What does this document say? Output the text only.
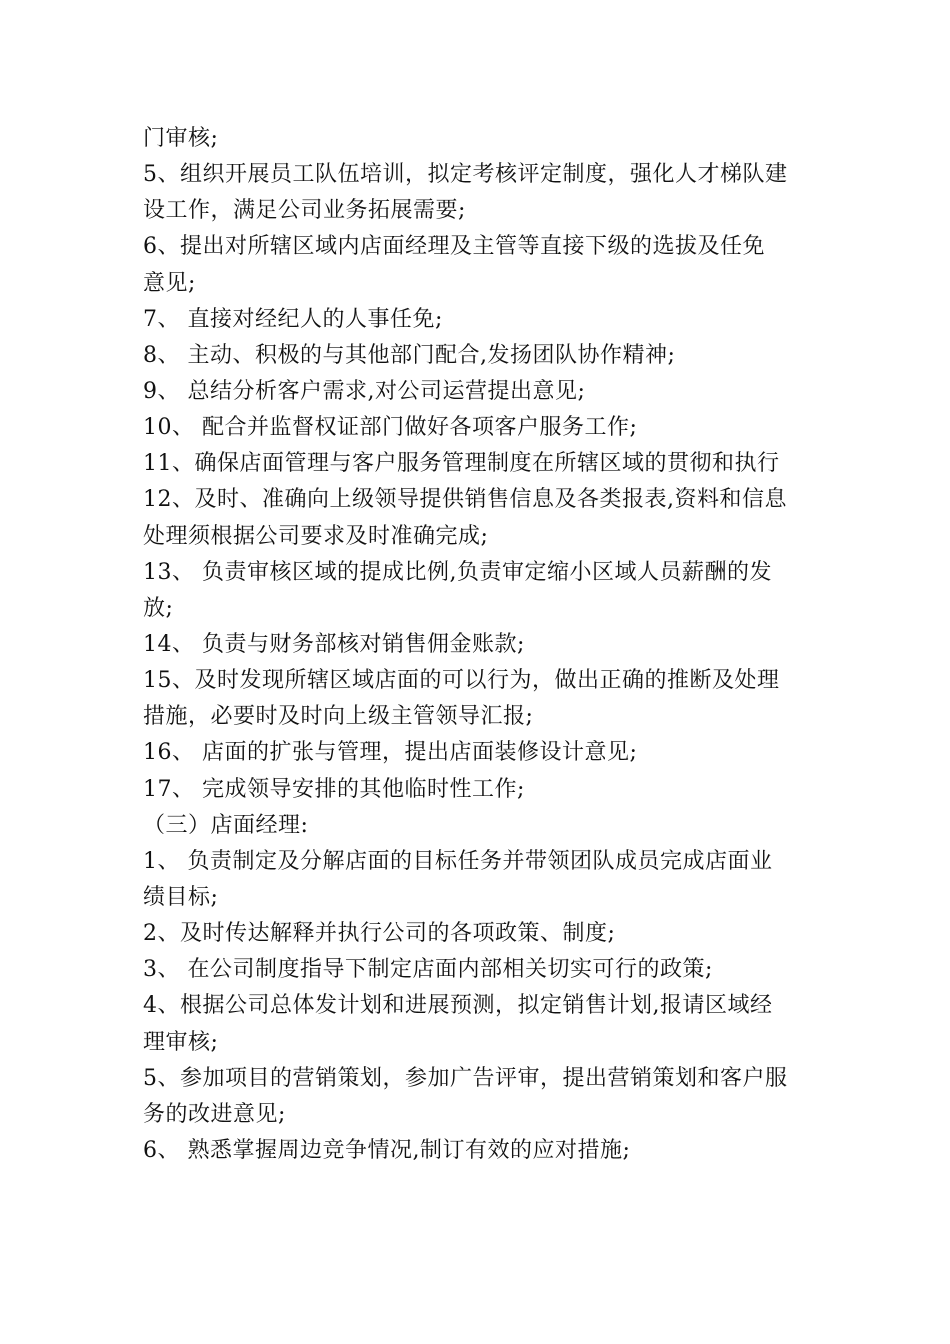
门审核;
5、组织开展员工队伍培训，拟定考核评定制度，强化人才梯队建
设工作，满足公司业务拓展需要;
6、提出对所辖区域内店面经理及主管等直接下级的选拔及任免
意见;
7、 直接对经纪人的人事任免;
8、 主动、积极的与其他部门配合,发扬团队协作精神;
9、 总结分析客户需求,对公司运营提出意见;
10、 配合并监督权证部门做好各项客户服务工作;
11、确保店面管理与客户服务管理制度在所辖区域的贯彻和执行
12、及时、准确向上级领导提供销售信息及各类报表,资料和信息
处理须根据公司要求及时准确完成;
13、 负责审核区域的提成比例,负责审定缩小区域人员薪酬的发
放;
14、 负责与财务部核对销售佣金账款;
15、及时发现所辖区域店面的可以行为，做出正确的推断及处理
措施，必要时及时向上级主管领导汇报;
16、 店面的扩张与管理，提出店面装修设计意见;
17、 完成领导安排的其他临时性工作;
（三）店面经理:
1、 负责制定及分解店面的目标任务并带领团队成员完成店面业
绩目标;
2、及时传达解释并执行公司的各项政策、制度;
3、 在公司制度指导下制定店面内部相关切实可行的政策;
4、根据公司总体发计划和进展预测，拟定销售计划,报请区域经
理审核;
5、参加项目的营销策划，参加广告评审，提出营销策划和客户服
务的改进意见;
6、 熟悉掌握周边竞争情况,制订有效的应对措施;
